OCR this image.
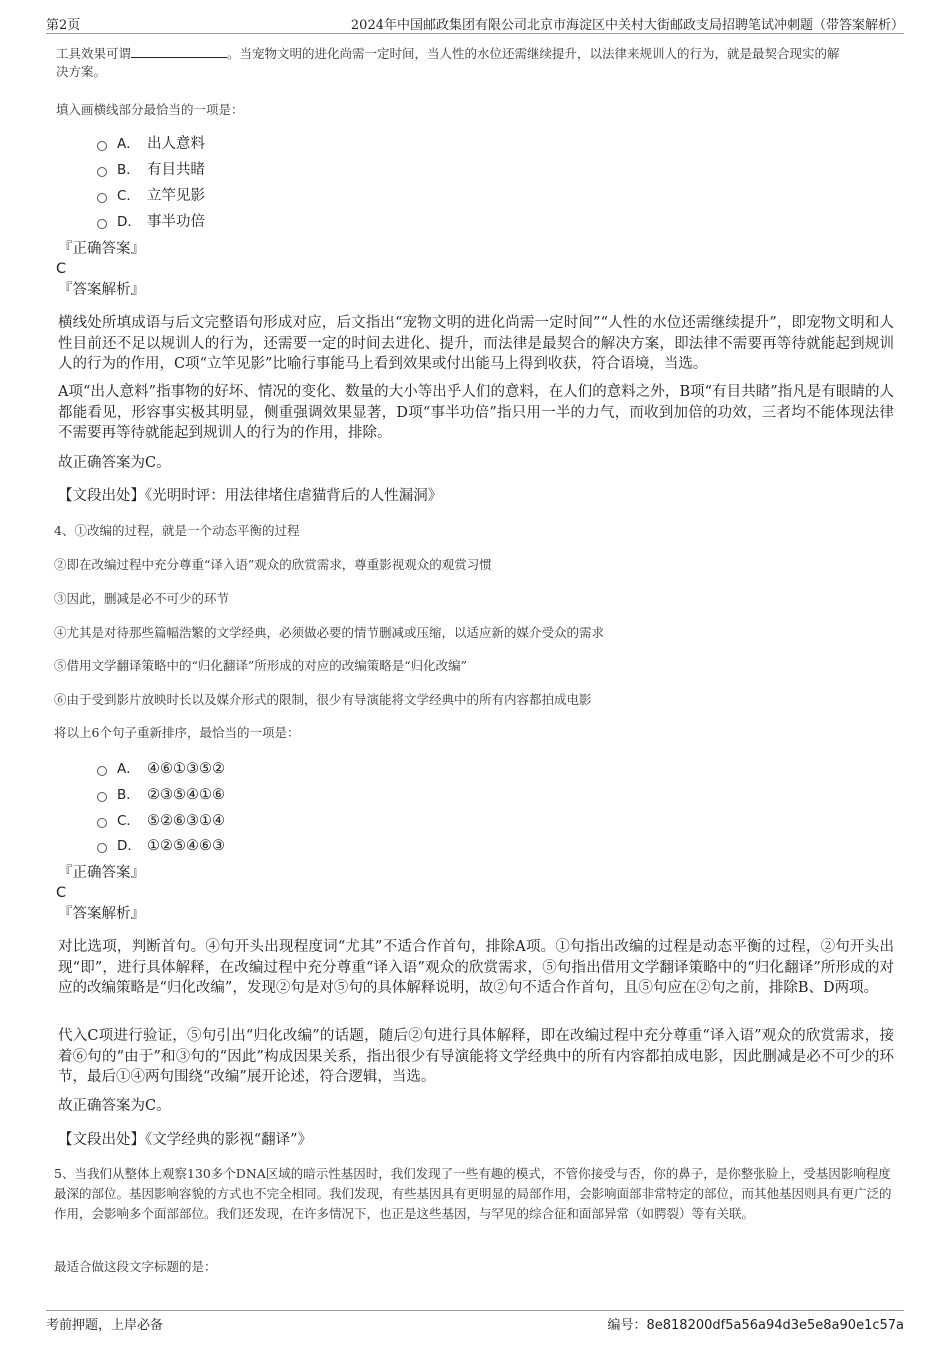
第2页	2024年中国邮政集团有限公司北京市海淀区中关村大街邮政支局招聘笔试冲刺题（带答案解析）
工具效果可谓	。当宠物文明的进化尚需一定时间，当人性的水位还需继续提升，以法律来规训人的行为，就是最契合现实的解
决方案。
填入画横线部分最恰当的一项是：
A． 出人意料
B． 有目共睹
C． 立竿见影
D． 事半功倍
『正确答案』
C
『答案解析』
横线处所填成语与后文完整语句形成对应，后文指出“宠物文明的进化尚需一定时间”“人性的水位还需继续提升”，即宠物文明和人性目前还不足以规训人的行为，还需要一定的时间去进化、提升，而法律是最契合的解决方案，即法律不需要再等待就能起到规训人的行为的作用，C项“立竿见影”比喻行事能马上看到效果或付出能马上得到收获，符合语境，当选。
A项“出人意料”指事物的好坏、情况的变化、数量的大小等出乎人们的意料，在人们的意料之外，B项“有目共睹”指凡是有眼睛的人都能看见，形容事实极其明显，侧重强调效果显著，D项“事半功倍”指只用一半的力气，而收到加倍的功效，三者均不能体现法律不需要再等待就能起到规训人的行为的作用，排除。
故正确答案为C。
【文段出处】《光明时评：用法律堵住虐猫背后的人性漏洞》
4、①改编的过程，就是一个动态平衡的过程
②即在改编过程中充分尊重“译入语”观众的欣赏需求，尊重影视观众的观赏习惯
③因此，删减是必不可少的环节
④尤其是对待那些篇幅浩繁的文学经典，必须做必要的情节删减或压缩，以适应新的媒介受众的需求
⑤借用文学翻译策略中的“归化翻译”所形成的对应的改编策略是“归化改编”
⑥由于受到影片放映时长以及媒介形式的限制，很少有导演能将文学经典中的所有内容都拍成电影
将以上6个句子重新排序，最恰当的一项是：
A． ④⑥①③⑤②
B． ②③⑤④①⑥
C． ⑤②⑥③①④
D． ①②⑤④⑥③
『正确答案』
C
『答案解析』
对比选项，判断首句。④句开头出现程度词“尤其”不适合作首句，排除A项。①句指出改编的过程是动态平衡的过程，②句开头出现“即”，进行具体解释，在改编过程中充分尊重“译入语”观众的欣赏需求，⑤句指出借用文学翻译策略中的“归化翻译”所形成的对应的改编策略是“归化改编”，发现②句是对⑤句的具体解释说明，故②句不适合作首句，且⑤句应在②句之前，排除B、D两项。
代入C项进行验证，⑤句引出“归化改编”的话题，随后②句进行具体解释，即在改编过程中充分尊重“译入语”观众的欣赏需求，接着⑥句的“由于”和③句的“因此”构成因果关系，指出很少有导演能将文学经典中的所有内容都拍成电影，因此删减是必不可少的环节，最后①④两句围绕“改编”展开论述，符合逻辑，当选。
故正确答案为C。
【文段出处】《文学经典的影视“翻译”》
5、当我们从整体上观察130多个DNA区域的暗示性基因时，我们发现了一些有趣的模式，不管你接受与否，你的鼻子，是你整张脸上，受基因影响程度最深的部位。基因影响容貌的方式也不完全相同。我们发现，有些基因具有更明显的局部作用，会影响面部非常特定的部位，而其他基因则具有更广泛的作用，会影响多个面部部位。我们还发现，在许多情况下，也正是这些基因，与罕见的综合征和面部异常（如腭裂）等有关联。
最适合做这段文字标题的是：
考前押题，上岸必备	编号：8e818200df5a56a94d3e5e8a90e1c57a
